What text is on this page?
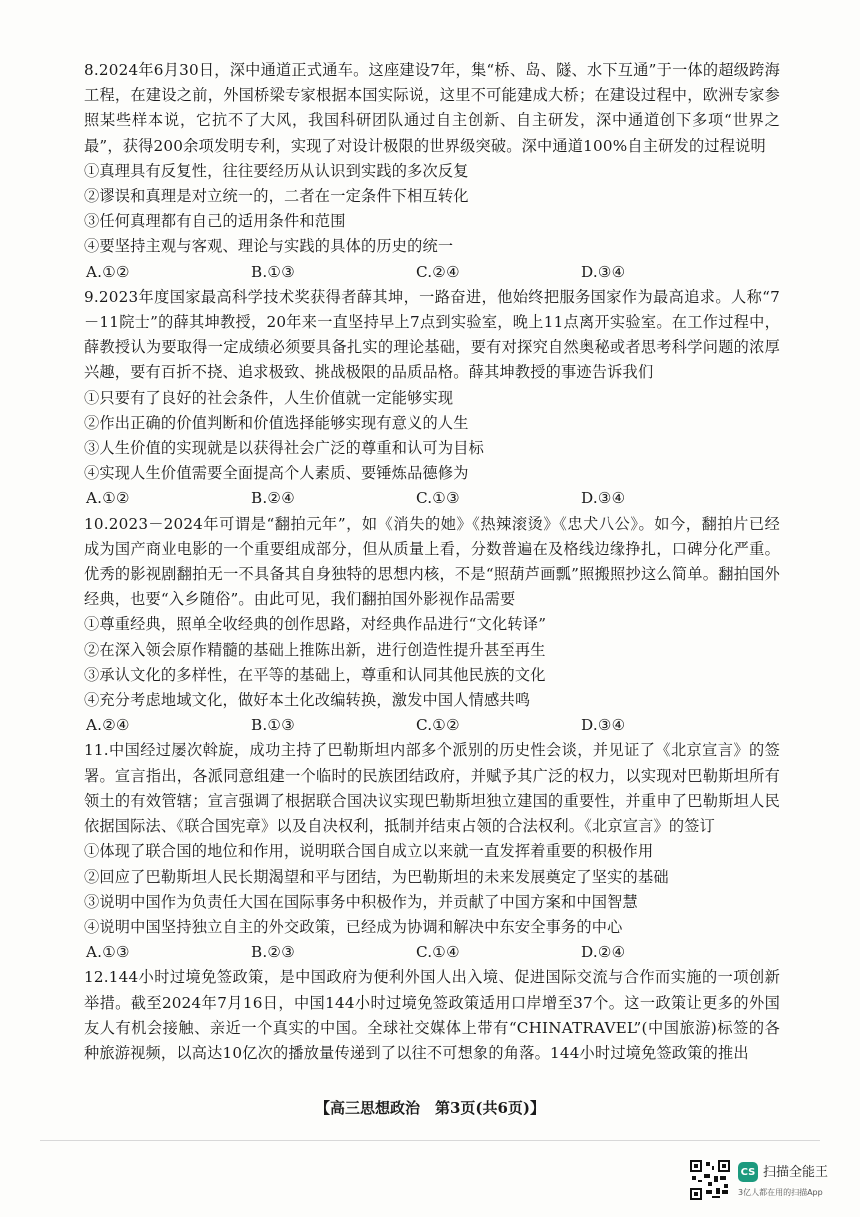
8.2024年6月30日，深中通道正式通车。这座建设7年，集“桥、岛、隧、水下互通”于一体的超级跨海工程，在建设之前，外国桥梁专家根据本国实际说，这里不可能建成大桥；在建设过程中，欧洲专家参照某些样本说，它抗不了大风，我国科研团队通过自主创新、自主研发，深中通道创下多项“世界之最”，获得200余项发明专利，实现了对设计极限的世界级突破。深中通道100%自主研发的过程说明
①真理具有反复性，往往要经历从认识到实践的多次反复
②谬误和真理是对立统一的，二者在一定条件下相互转化
③任何真理都有自己的适用条件和范围
④要坚持主观与客观、理论与实践的具体的历史的统一
A.①②	B.①③	C.②④	D.③④
9.2023年度国家最高科学技术奖获得者薛其坤，一路奋进，他始终把服务国家作为最高追求。人称“7－11院士”的薛其坤教授，20年来一直坚持早上7点到实验室，晚上11点离开实验室。在工作过程中，薛教授认为要取得一定成绩必须要具备扎实的理论基础，要有对探究自然奥秘或者思考科学问题的浓厚兴趣，要有百折不挠、追求极致、挑战极限的品质品格。薛其坤教授的事迹告诉我们
①只要有了良好的社会条件，人生价值就一定能够实现
②作出正确的价值判断和价值选择能够实现有意义的人生
③人生价值的实现就是以获得社会广泛的尊重和认可为目标
④实现人生价值需要全面提高个人素质、要锤炼品德修为
A.①②	B.②④	C.①③	D.③④
10.2023－2024年可谓是“翻拍元年”，如《消失的她》《热辣滚烫》《忠犬八公》。如今，翻拍片已经成为国产商业电影的一个重要组成部分，但从质量上看，分数普遍在及格线边缘挣扎，口碑分化严重。优秀的影视剧翻拍无一不具备其自身独特的思想内核，不是“照葫芦画瓢”照搬照抄这么简单。翻拍国外经典，也要“入乡随俗”。由此可见，我们翻拍国外影视作品需要
①尊重经典，照单全收经典的创作思路，对经典作品进行“文化转译”
②在深入领会原作精髓的基础上推陈出新，进行创造性提升甚至再生
③承认文化的多样性，在平等的基础上，尊重和认同其他民族的文化
④充分考虑地域文化，做好本土化改编转换，激发中国人情感共鸣
A.②④	B.①③	C.①②	D.③④
11.中国经过屡次斡旋，成功主持了巴勒斯坦内部多个派别的历史性会谈，并见证了《北京宣言》的签署。宣言指出，各派同意组建一个临时的民族团结政府，并赋予其广泛的权力，以实现对巴勒斯坦所有领土的有效管辖；宣言强调了根据联合国决议实现巴勒斯坦独立建国的重要性，并重申了巴勒斯坦人民依据国际法、《联合国宪章》以及自决权利，抵制并结束占领的合法权利。《北京宣言》的签订
①体现了联合国的地位和作用，说明联合国自成立以来就一直发挥着重要的积极作用
②回应了巴勒斯坦人民长期渴望和平与团结，为巴勒斯坦的未来发展奠定了坚实的基础
③说明中国作为负责任大国在国际事务中积极作为，并贡献了中国方案和中国智慧
④说明中国坚持独立自主的外交政策，已经成为协调和解决中东安全事务的中心
A.①③	B.②③	C.①④	D.②④
12.144小时过境免签政策，是中国政府为便利外国人出入境、促进国际交流与合作而实施的一项创新举措。截至2024年7月16日，中国144小时过境免签政策适用口岸增至37个。这一政策让更多的外国友人有机会接触、亲近一个真实的中国。全球社交媒体上带有“CHINATRAVEL”(中国旅游)标签的各种旅游视频，以高达10亿次的播放量传递到了以往不可想象的角落。144小时过境免签政策的推出
【高三思想政治　第3页(共6页)】
CS 扫描全能王
3亿人都在用的扫描App
